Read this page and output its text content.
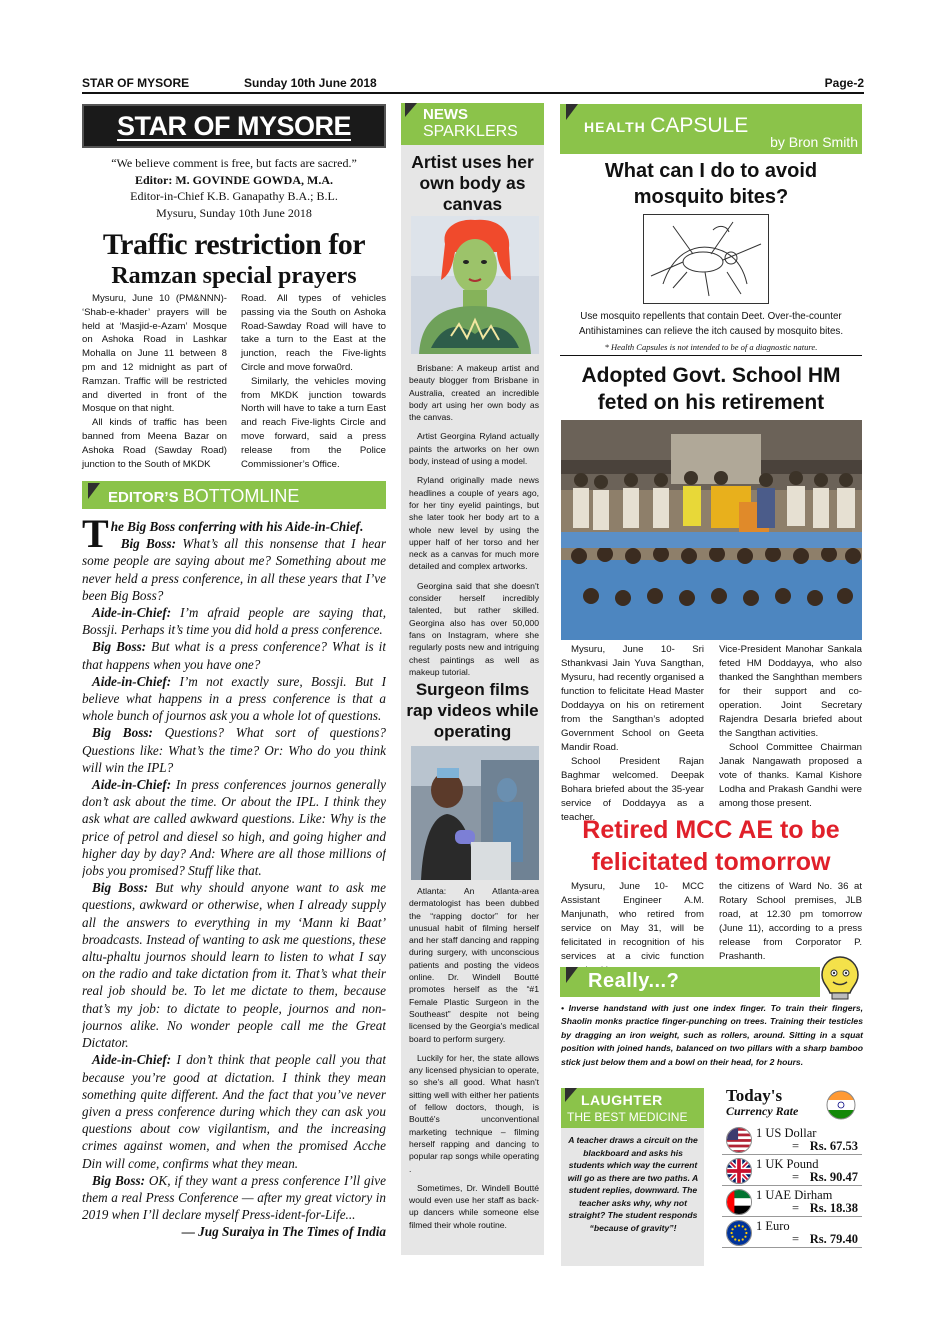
STAR OF MYSORE	Sunday 10th June 2018	Page-2
STAR OF MYSORE
“We believe comment is free, but facts are sacred.”
Editor: M. GOVINDE GOWDA, M.A.
Editor-in-Chief K.B. Ganapathy B.A.; B.L.
Mysuru, Sunday 10th June 2018
Traffic restriction for
Ramzan special prayers

Mysuru, June 10 (PM&NNN)- ‘Shab-e-khader’ prayers will be held at ‘Masjid-e-Azam’ Mosque on Ashoka Road in Lashkar Mohalla on June 11 between 8 pm and 12 midnight as part of Ramzan. Traffic will be restricted and diverted in front of the Mosque on that night.

All kinds of traffic has been banned from Meena Bazar on Ashoka Road (Sawday Road) junction to the South of MKDK

Road. All types of vehicles passing via the South on Ashoka Road-Sawday Road will have to take a turn to the East at the junction, reach the Five-lights Circle and move forwa0rd.

Similarly, the vehicles moving from MKDK junction towards North will have to take a turn East and reach Five-lights Circle and move forward, said a press release from the Police Commissioner’s Office.

EDITOR’S BOTTOMLINE

T he Big Boss conferring with his Aide-in-Chief.

Big Boss: What’s all this nonsense that I hear some people are saying about me? Something about me never held a press conference, in all these years that I’ve been Big Boss?

Aide-in-Chief: I’m afraid people are saying that, Bossji. Perhaps it’s time you did hold a press conference.

Big Boss: But what is a press conference? What is it that happens when you have one?

Aide-in-Chief: I’m not exactly sure, Bossji. But I believe what happens in a press conference is that a whole bunch of journos ask you a whole lot of questions.

Big Boss: Questions? What sort of questions? Questions like: What’s the time? Or: Who do you think will win the IPL?

Aide-in-Chief: In press conferences journos generally don’t ask about the time. Or about the IPL. I think they ask what are called awkward questions. Like: Why is the price of petrol and diesel so high, and going higher and higher day by day? And: Where are all those millions of jobs you promised? Stuff like that.

Big Boss: But why should anyone want to ask me questions, awkward or otherwise, when I already supply all the answers to everything in my ‘Mann ki Baat’ broadcasts. Instead of wanting to ask me questions, these altu-phaltu journos should learn to listen to what I say on the radio and take dictation from it. That’s what their real job should be. To let me dictate to them, because that’s my job: to dictate to people, journos and non-journos alike. No wonder people call me the Great Dictator.

Aide-in-Chief: I don’t think that people call you that because you’re good at dictation. I think they mean something quite different. And the fact that you’ve never given a press conference during which they can ask you questions about cow vigilantism, and the increasing crimes against women, and when the promised Acche Din will come, confirms what they mean.

Big Boss: OK, if they want a press conference I’ll give them a real Press Conference — after my great victory in 2019 when I’ll declare myself Press-ident-for-Life...

— Jug Suraiya in The Times of India

NEWS
SPARKLERS
Artist uses her own body as canvas

Brisbane: A makeup artist and beauty blogger from Brisbane in Australia, created an incredible body art using her own body as the canvas.

Artist Georgina Ryland actually paints the artworks on her own body, instead of using a model.

Ryland originally made news headlines a couple of years ago, for her tiny eyelid paintings, but she later took her body art to a whole new level by using the upper half of her torso and her neck as a canvas for much more detailed and complex artworks.

Georgina said that she doesn't consider herself incredibly talented, but rather skilled. Georgina also has over 50,000 fans on Instagram, where she regularly posts new and intriguing chest paintings as well as makeup tutorial.

Surgeon films rap videos while operating

Atlanta: An Atlanta-area dermatologist has been dubbed the “rapping doctor” for her unusual habit of filming herself and her staff dancing and rapping during surgery, with unconscious patients and posting the videos online. Dr. Windell Boutté promotes herself as the “#1 Female Plastic Surgeon in the Southeast” despite not being licensed by the Georgia's medical board to perform surgery.

Luckily for her, the state allows any licensed physician to operate, so she's all good. What hasn't sitting well with either her patients of fellow doctors, though, is Boutté's unconventional marketing technique – filming herself rapping and dancing to popular rap songs while operating .

Sometimes, Dr. Windell Boutté would even use her staff as back-up dancers while someone else filmed their whole routine.

HEALTH CAPSULE
by Bron Smith
What can I do to avoid mosquito bites?
Use mosquito repellents that contain Deet. Over-the-counter Antihistamines can relieve the itch caused by mosquito bites.
* Health Capsules is not intended to be of a diagnostic nature.
Adopted Govt. School HM
feted on his retirement

Mysuru, June 10- Sri Sthankvasi Jain Yuva Sangthan, Mysuru, had recently organised a function to felicitate Head Master Doddayya on his on retirement from the Sangthan’s adopted Government School on Geeta Mandir Road.

School President Rajan Baghmar welcomed. Deepak Bohara briefed about the 35-year service of Doddayya as a teacher.

Vice-President Manohar Sankala feted HM Doddayya, who also thanked the Sanghthan members for their support and co-operation. Joint Secretary Rajendra Desarla briefed about the Sangthan activities.

School Committee Chairman Janak Nangawath proposed a vote of thanks. Kamal Kishore Lodha and Prakash Gandhi were among those present.

Retired MCC AE to be
felicitated tomorrow

Mysuru, June 10- MCC Assistant Engineer A.M. Manjunath, who retired from service on May 31, will be felicitated in recognition of his services at a civic function

the citizens of Ward No. 36 at Rotary School premises, JLB road, at 12.30 pm tomorrow (June 11), according to a press release from Corporator P. Prashanth.

Really...?
• Inverse handstand with just one index finger. To train their fingers, Shaolin monks practice finger-punching on trees. Training their testicles by dragging an iron weight, such as rollers, around. Sitting in a squat position with joined hands, balanced on two pillars with a sharp bamboo stick just below them and a bowl on their head, for 2 hours.
LAUGHTER
THE BEST MEDICINE
A teacher draws a circuit on the blackboard and asks his students which way the current will go as there are two paths. A student replies, downward. The teacher asks why, why not straight? The student responds “because of gravity”!
Today's
Currency Rate
1 US Dollar
= Rs. 67.53
1 UK Pound
= Rs. 90.47
1 UAE Dirham
= Rs. 18.38
1 Euro
= Rs. 79.40
